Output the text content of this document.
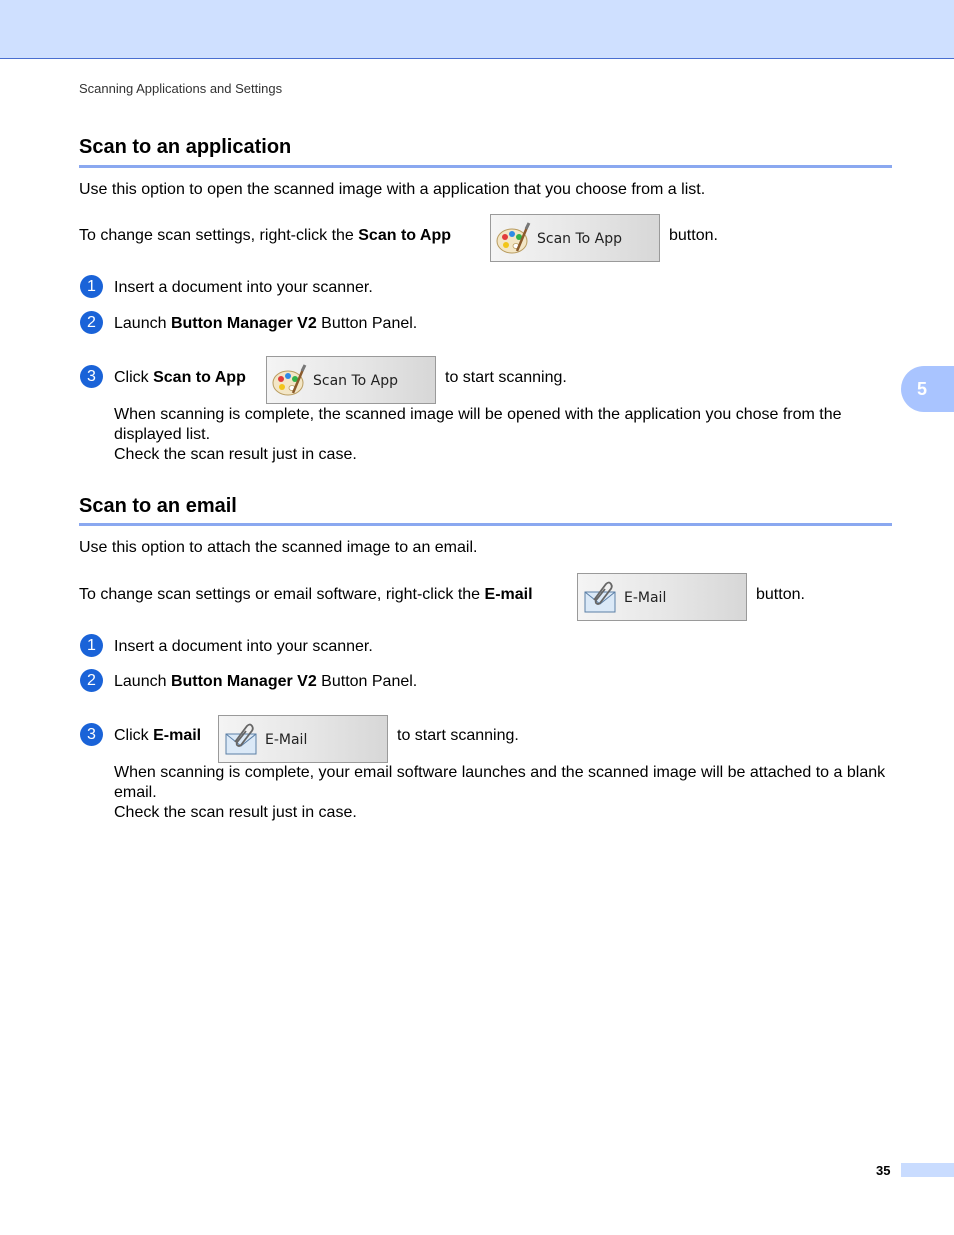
Scanning Applications and Settings
5
Scan to an application
Use this option to open the scanned image with a application that you choose from a list.
To change scan settings, right-click the Scan to App	Scan To App	button.
1	Insert a document into your scanner.
2	Launch Button Manager V2 Button Panel.
3	Click Scan to App	Scan To App	to start scanning.
When scanning is complete, the scanned image will be opened with the application you chose from the displayed list.
Check the scan result just in case.
Scan to an email
Use this option to attach the scanned image to an email.
To change scan settings or email software, right-click the E-mail	E-Mail	button.
1	Insert a document into your scanner.
2	Launch Button Manager V2 Button Panel.
3	Click E-mail	E-Mail	to start scanning.
When scanning is complete, your email software launches and the scanned image will be attached to a blank email.
Check the scan result just in case.
35
